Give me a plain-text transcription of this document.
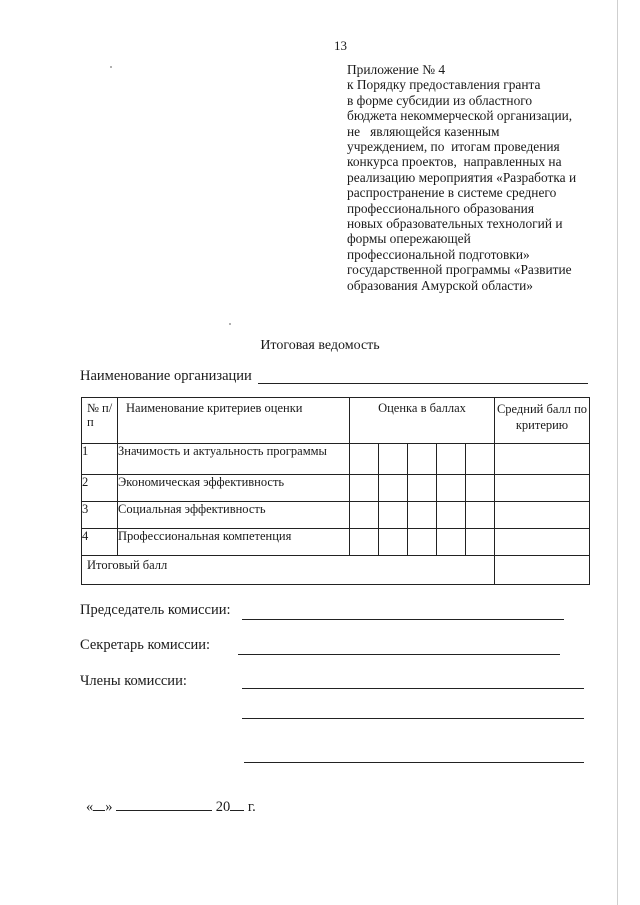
13
Приложение № 4
к Порядку предоставления гранта
в форме субсидии из областного
бюджета некоммерческой организации,
не   являющейся казенным
учреждением, по  итогам проведения
конкурса проектов,  направленных на
реализацию мероприятия «Разработка и
распространение в системе среднего
профессионального образования
новых образовательных технологий и
формы опережающей
профессиональной подготовки»
государственной программы «Развитие
образования Амурской области»
Итоговая ведомость
Наименование организации
№ п/п	Наименование критериев оценки	Оценка в баллах					Средний балл по критерию
1	Значимость и актуальность программы						
2	Экономическая эффективность						
3	Социальная эффективность						
4	Профессиональная компетенция						
Итоговый балл							
Председатель комиссии:
Секретарь комиссии:
Члены комиссии:
« »	20 г.
